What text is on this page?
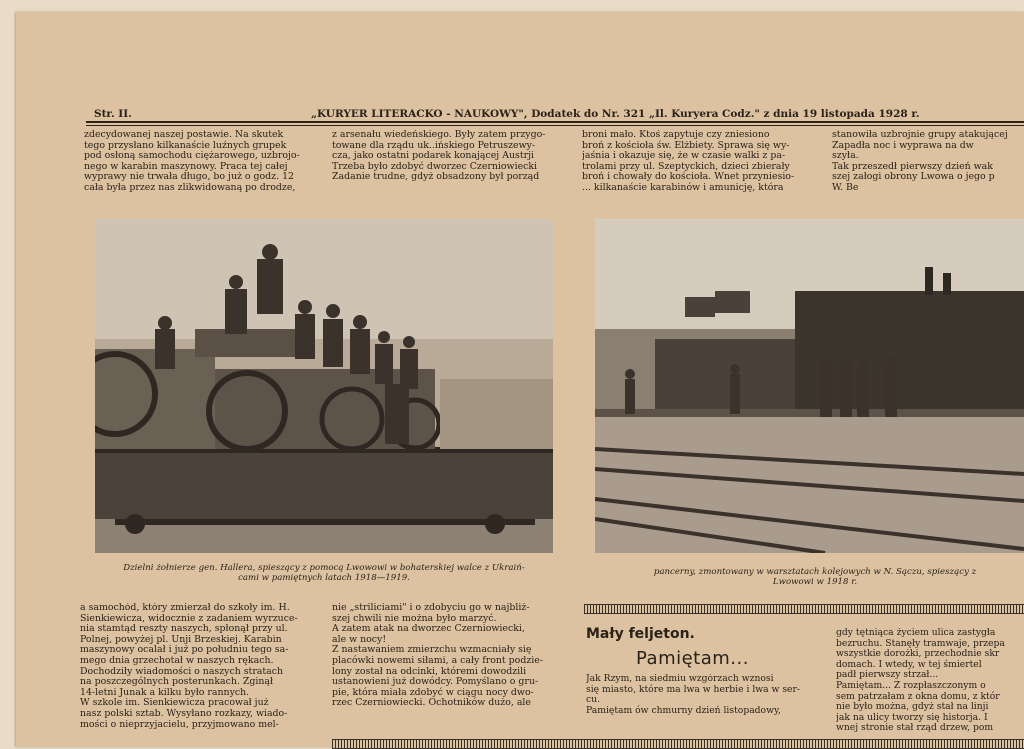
Str. II.	„KURYER LITERACKO - NAUKOWY", Dodatek do Nr. 321 „Il. Kuryera Codz." z dnia 19 listopada 1928 r.

zdecydowanej naszej postawie. Na skutek
tego przysłano kilkanaście luźnych grupek
pod osłoną samochodu ciężarowego, uzbrojo-
nego w karabin maszynowy. Praca tej całej
wyprawy nie trwała długo, bo już o godz. 12
cała była przez nas zlikwidowaną po drodze,

z arsenału wiedeńskiego. Były zatem przygo-
towane dla rządu uk..ińskiego Petruszewy-
cza, jako ostatni podarek konającej Austrji
Trzeba było zdobyć dworzec Czerniowiecki
Zadanie trudne, gdyż obsadzony był porząd

broni mało. Ktoś zapytuje czy zniesiono
broń z kościoła św. Elżbiety. Sprawa się wy-
jaśnia i okazuje się, że w czasie walki z pa-
trolami przy ul. Szeptyckich, dzieci zbierały
broń i chowały do kościoła. Wnet przyniesio-
... kilkanaście karabinów i amunicję, która

stanowiła uzbrojnie grupy atakującej
Zapadła noc i wyprawa na dw
szyła.
Tak przeszedł pierwszy dzień wak
szej załogi obrony Lwowa o jego p
W. Be

Dzielni żołnierze gen. Hallera, spieszący z pomocą Lwowowi w bohaterskiej walce z Ukraiń-
cami w pamiętnych latach 1918—1919.
pancerny, zmontowany w warsztatach kolejowych w N. Sączu, spieszący z
Lwowowi w 1918 r.

a samochód, który zmierzał do szkoły im. H.
Sienkiewicza, widocznie z zadaniem wyrzuce-
nia stamtąd reszty naszych, spłonął przy ul.
Polnej, powyżej pl. Unji Brzeskiej. Karabin
maszynowy ocalał i już po południu tego sa-
mego dnia grzechotał w naszych rękach.
Dochodziły wiadomości o naszych stratach
na poszczególnych posterunkach. Zginął
14-letni Junak a kilku było rannych.
W szkole im. Sienkiewicza pracował już
nasz polski sztab. Wysyłano rozkazy, wiado-
mości o nieprzyjacielu, przyjmowano mel-

nie „striliciami" i o zdobyciu go w najbliż-
szej chwili nie można było marzyć.
A zatem atak na dworzec Czerniowiecki,
ale w nocy!
Z nastawaniem zmierzchu wzmacniały się
placówki nowemi siłami, a cały front podzie-
lony został na odcinki, któremi dowodzili
ustanowieni już dowódcy. Pomyślano o gru-
pie, która miała zdobyć w ciągu nocy dwo-
rzec Czerniowiecki. Ochotników dużo, ale

Mały feljeton.
Pamiętam...

Jak Rzym, na siedmiu wzgórzach wznosi
się miasto, które ma lwa w herbie i lwa w ser-
cu.
Pamiętam ów chmurny dzień listopadowy,

gdy tętniąca życiem ulica zastygła
bezruchu. Stanęły tramwaje, przepa
wszystkie dorożki, przechodnie skr
domach. I wtedy, w tej śmiertel
padł pierwszy strzał...
Pamiętam... Z rozpłaszczonym o
sem patrzałam z okna domu, z któr
nie było można, gdyż stał na linji
jak na ulicy tworzy się historja. I
wnej stronie stał rząd drzew, pom
